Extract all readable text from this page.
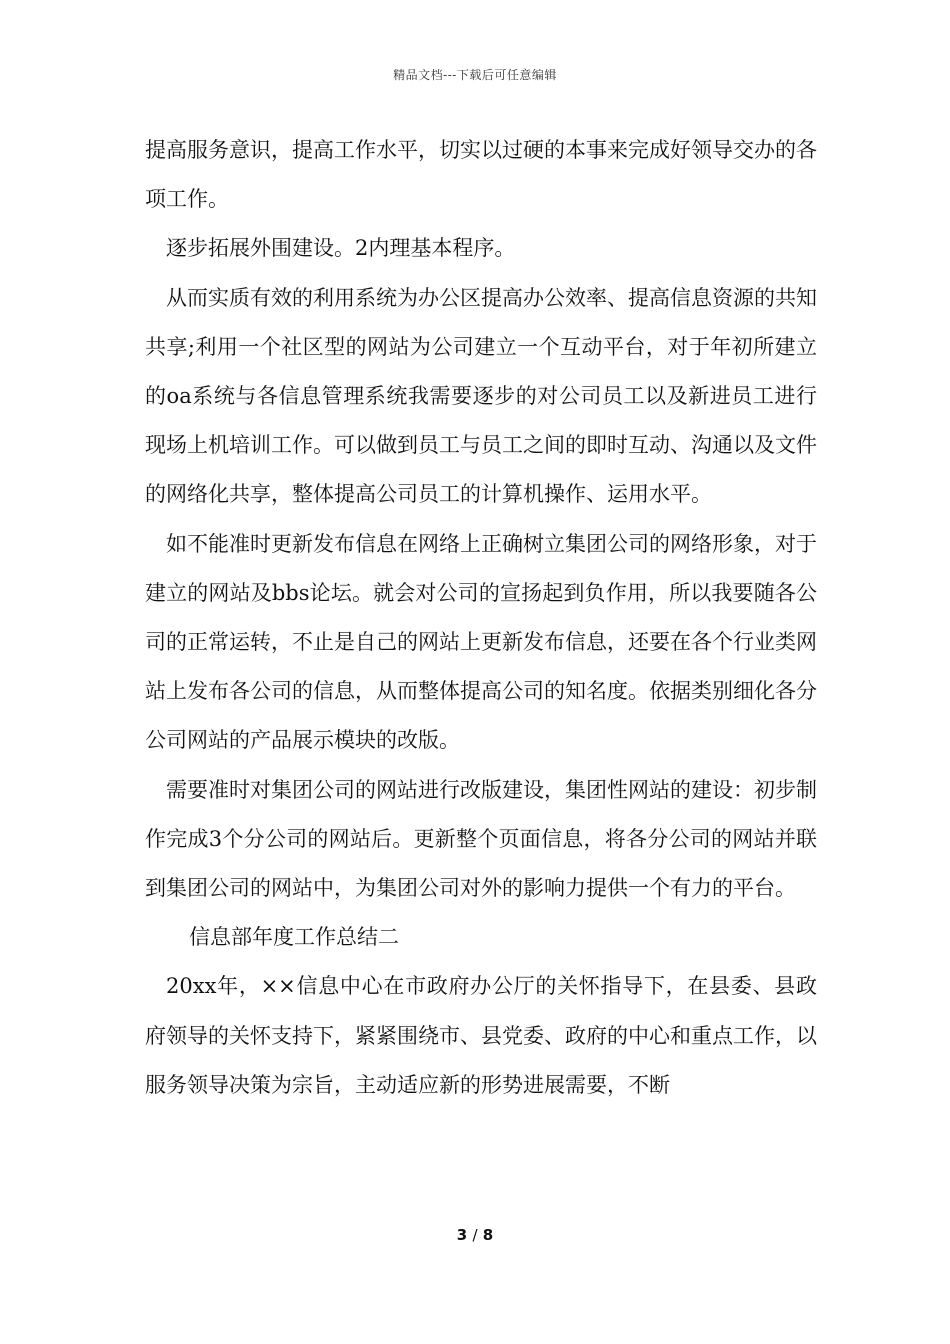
精品文档---下载后可任意编辑

提高服务意识，提高工作水平，切实以过硬的本事来完成好领导交办的各项工作。

逐步拓展外围建设。2内理基本程序。

从而实质有效的利用系统为办公区提高办公效率、提高信息资源的共知共享;利用一个社区型的网站为公司建立一个互动平台，对于年初所建立的oa系统与各信息管理系统我需要逐步的对公司员工以及新进员工进行现场上机培训工作。可以做到员工与员工之间的即时互动、沟通以及文件的网络化共享，整体提高公司员工的计算机操作、运用水平。

如不能准时更新发布信息在网络上正确树立集团公司的网络形象，对于建立的网站及bbs论坛。就会对公司的宣扬起到负作用，所以我要随各公司的正常运转，不止是自己的网站上更新发布信息，还要在各个行业类网站上发布各公司的信息，从而整体提高公司的知名度。依据类别细化各分公司网站的产品展示模块的改版。

需要准时对集团公司的网站进行改版建设，集团性网站的建设：初步制作完成3个分公司的网站后。更新整个页面信息，将各分公司的网站并联到集团公司的网站中，为集团公司对外的影响力提供一个有力的平台。

信息部年度工作总结二

20xx年，××信息中心在市政府办公厅的关怀指导下，在县委、县政府领导的关怀支持下，紧紧围绕市、县党委、政府的中心和重点工作，以服务领导决策为宗旨，主动适应新的形势进展需要，不断

3 / 8
